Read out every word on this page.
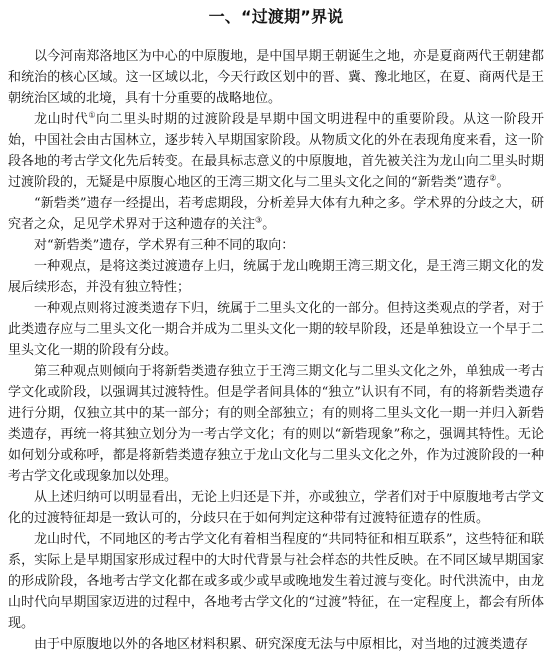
一、“过渡期”界说

以今河南郑洛地区为中心的中原腹地，是中国早期王朝诞生之地，亦是夏商两代王朝建都和统治的核心区域。这一区域以北，今天行政区划中的晋、冀、豫北地区，在夏、商两代是王朝统治区域的北境，具有十分重要的战略地位。

龙山时代①向二里头时期的过渡阶段是早期中国文明进程中的重要阶段。从这一阶段开始，中国社会由古国林立，逐步转入早期国家阶段。从物质文化的外在表现角度来看，这一阶段各地的考古学文化先后转变。在最具标志意义的中原腹地，首先被关注为龙山向二里头时期过渡阶段的，无疑是中原腹心地区的王湾三期文化与二里头文化之间的“新砦类”遗存②。

“新砦类”遗存一经提出，若考虑期段，分析差异大体有九种之多。学术界的分歧之大，研究者之众，足见学术界对于这种遗存的关注③。

对“新砦类”遗存，学术界有三种不同的取向：

一种观点，是将这类过渡遗存上归，统属于龙山晚期王湾三期文化，是王湾三期文化的发展后续形态，并没有独立特性；

一种观点则将过渡类遗存下归，统属于二里头文化的一部分。但持这类观点的学者，对于此类遗存应与二里头文化一期合并成为二里头文化一期的较早阶段，还是单独设立一个早于二里头文化一期的阶段有分歧。

第三种观点则倾向于将新砦类遗存独立于王湾三期文化与二里头文化之外，单独成一考古学文化或阶段，以强调其过渡特性。但是学者间具体的“独立”认识有不同，有的将新砦类遗存进行分期，仅独立其中的某一部分；有的则全部独立；有的则将二里头文化一期一并归入新砦类遗存，再统一将其独立划分为一考古学文化；有的则以“新砦现象”称之，强调其特性。无论如何划分或称呼，都是将新砦类遗存独立于龙山文化与二里头文化之外，作为过渡阶段的一种考古学文化或现象加以处理。

从上述归纳可以明显看出，无论上归还是下并，亦或独立，学者们对于中原腹地考古学文化的过渡特征却是一致认可的，分歧只在于如何判定这种带有过渡特征遗存的性质。

龙山时代，不同地区的考古学文化有着相当程度的“共同特征和相互联系”，这些特征和联系，实际上是早期国家形成过程中的大时代背景与社会样态的共性反映。在不同区域早期国家的形成阶段，各地考古学文化都在或多或少或早或晚地发生着过渡与变化。时代洪流中，由龙山时代向早期国家迈进的过程中，各地考古学文化的“过渡”特征，在一定程度上，都会有所体现。

由于中原腹地以外的各地区材料积累、研究深度无法与中原相比，对当地的过渡类遗存
